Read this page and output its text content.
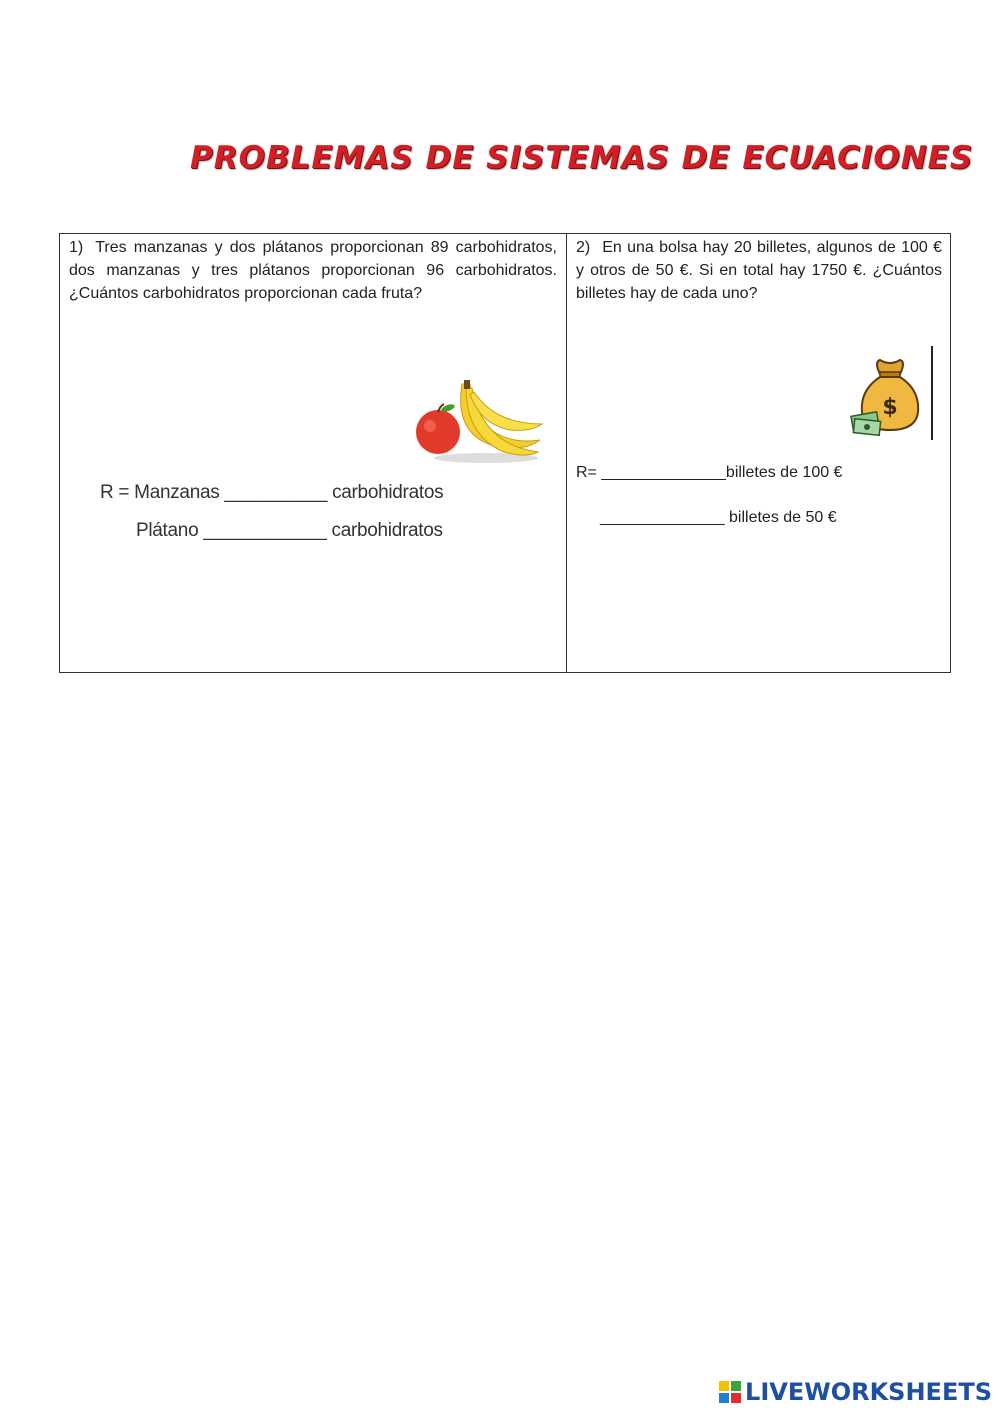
PROBLEMAS DE SISTEMAS DE ECUACIONES
1) Tres manzanas y dos plátanos proporcionan 89 carbohidratos, dos manzanas y tres plátanos proporcionan 96 carbohidratos. ¿Cuántos carbohidratos proporcionan cada fruta?
R = Manzanas __________ carbohidratos
Plátano ____________ carbohidratos
2) En una bolsa hay 20 billetes, algunos de 100 € y otros de 50 €. Si en total hay 1750 €. ¿Cuántos billetes hay de cada uno?
$
R= ______________billetes de 100 €
______________ billetes de 50 €
LIVEWORKSHEETS
